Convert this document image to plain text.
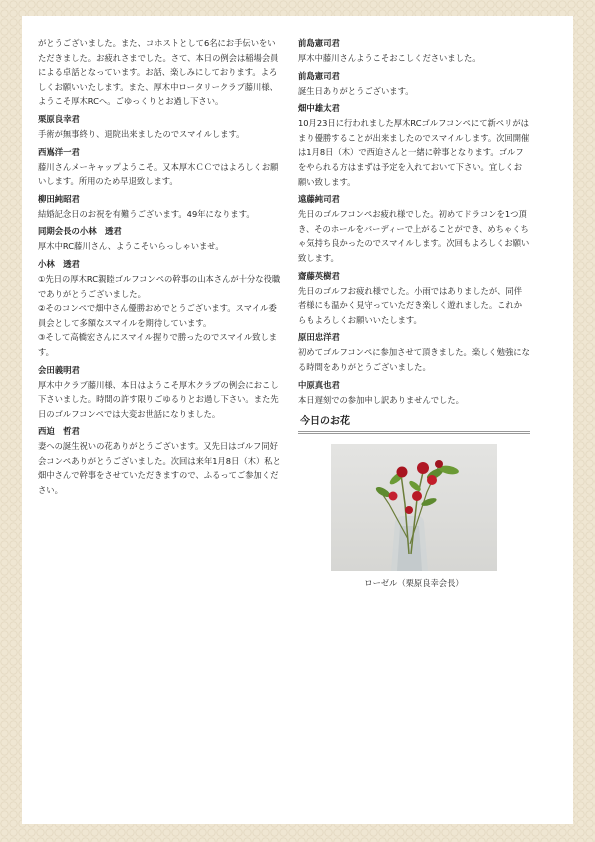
がとうございました。また、コホストとして6名にお手伝いをいただきました。お疲れさまでした。さて、本日の例会は稲場会員による卓話となっています。お話、楽しみにしております。よろしくお願いいたします。また、厚木中ロータリークラブ藤川様、ようこそ厚木RCへ。ごゆっくりとお過し下さい。

栗原良幸君

手術が無事終り、退院出来ましたのでスマイルします。

西嶌洋一君

藤川さんメーキャップようこそ。又本厚木ＣＣではよろしくお願いします。所用のため早退致します。

柳田純昭君

結婚記念日のお祝を有難うございます。49年になります。

同期会長の小林　透君

厚木中RC藤川さん、ようこそいらっしゃいませ。

小林　透君

①先日の厚木RC親睦ゴルフコンペの幹事の山本さんが十分な役職でありがとうございました。
②そのコンペで畑中さん優勝おめでとうございます。スマイル委員会として多額なスマイルを期待しています。
③そして高橋宏さんにスマイル握りで勝ったのでスマイル致します。

会田義明君

厚木中クラブ藤川様、本日はようこそ厚木クラブの例会におこし下さいました。時間の許す限りごゆるりとお過し下さい。また先日のゴルフコンペでは大変お世話になりました。

西迫　哲君

妻への誕生祝いの花ありがとうございます。又先日はゴルフ同好会コンペありがとうございました。次回は来年1月8日（木）私と畑中さんで幹事をさせていただきますので、ふるってご参加ください。

前島憲司君

厚木中藤川さんようこそおこしくださいました。

前島憲司君

誕生日ありがとうございます。

畑中雄太君

10月23日に行われました厚木RCゴルフコンペにて新ペリがはまり優勝することが出来ましたのでスマイルします。次回開催は1月8日（木）で西迫さんと一緒に幹事となります。ゴルフをやられる方はまずは予定を入れておいて下さい。宜しくお願い致します。

遠藤純司君

先日のゴルフコンペお疲れ様でした。初めてドラコンを1つ頂き、そのホールをバーディーで上がることができ、めちゃくちゃ気持ち良かったのでスマイルします。次回もよろしくお願い致します。

齋藤英樹君

先日のゴルフお疲れ様でした。小雨ではありましたが、同伴者様にも温かく見守っていただき楽しく遊れました。これからもよろしくお願いいたします。

原田忠洋君

初めてゴルフコンペに参加させて頂きました。楽しく勉強になる時間をありがとうございました。

中原真也君

本日遅刻での参加申し訳ありませんでした。

今日のお花
ローゼル（栗原良幸会長）
